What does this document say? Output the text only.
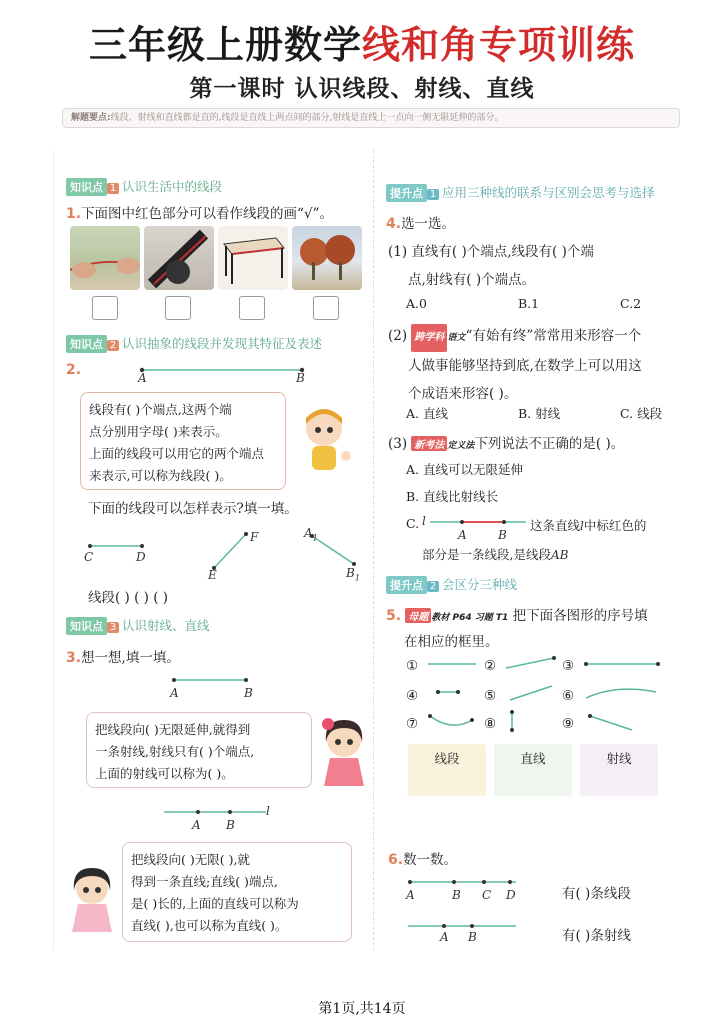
三年级上册数学线和角专项训练
第一课时 认识线段、射线、直线
解题要点:线段、射线和直线都是直的,线段是直线上两点间的部分,射线是直线上一点向一侧无限延伸的部分。
知识点 1 认识生活中的线段
1.下面图中红色部分可以看作线段的画“√”。
知识点 2 认识抽象的线段并发现其特征及表述
2.	A	B
线段有( )个端点,这两个端
点分别用字母( )来表示。
上面的线段可以用它的两个端点
来表示,可以称为线段( )。
下面的线段可以怎样表示?填一填。
C	D
E
F	$A_1$
$B_1$
线段( ) ( ) ( )
知识点 3 认识射线、直线
3.想一想,填一填。
A	B
把线段向( )无限延伸,就得到
一条射线,射线只有( )个端点,
上面的射线可以称为( )。
A B
l
把线段向( )无限( ),就
得到一条直线;直线( )端点,
是( )长的,上面的直线可以称为
直线( ),也可以称为直线( )。
提升点 1 应用三种线的联系与区别会思考与选择
4.选一选。
(1) 直线有( )个端点,线段有( )个端
点,射线有( )个端点。
A.0	B.1	C.2
(2) 跨学科 语文“有始有终”常常用来形容一个
人做事能够坚持到底,在数学上可以用这
个成语来形容( )。
A. 直线	B. 射线	C. 线段
(3) 新考法 定义法下列说法不正确的是( )。
A. 直线可以无限延伸
B. 直线比射线长
C. l
A	B
这条直线l中标红色的
部分是一条线段,是线段AB
提升点 2 会区分三种线
5. 母题 教材 P64 习题 T1 把下面各图形的序号填
在相应的框里。
①	②	③
④	⑤	⑥
⑦	⑧	⑨
线段	直线	射线
6.数一数。
A	B C D	有( )条线段
A B	有( )条射线
第1页,共14页
